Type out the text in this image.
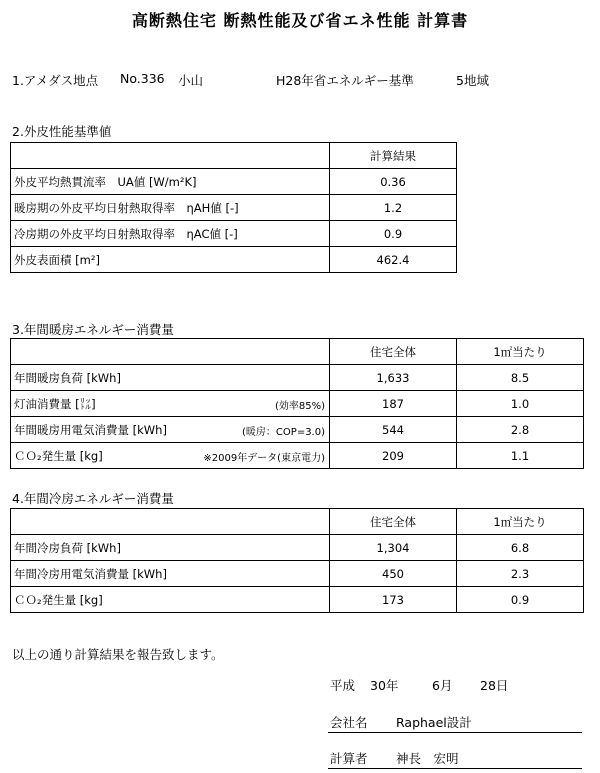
高断熱住宅 断熱性能及び省エネ性能 計算書
1.アメダス地点 No.336 小山	H28年省エネルギー基準	5地域
2.外皮性能基準値
	計算結果
外皮平均熱貫流率　UA値 [W/m²K]	0.36
暖房期の外皮平均日射熱取得率　ηAH値 [-]	1.2
冷房期の外皮平均日射熱取得率　ηAC値 [-]	0.9
外皮表面積 [m²]	462.4
3.年間暖房エネルギー消費量
	住宅全体	1㎡当たり
年間暖房負荷 [kWh]	1,633	8.5
灯油消費量 [㍑] (効率85%)	187	1.0
年間暖房用電気消費量 [kWh] (暖房：COP=3.0)	544	2.8
ＣＯ₂発生量 [kg] ※2009年データ(東京電力)	209	1.1
4.年間冷房エネルギー消費量
	住宅全体	1㎡当たり
年間冷房負荷 [kWh]	1,304	6.8
年間冷房用電気消費量 [kWh]	450	2.3
ＣＯ₂発生量 [kg]	173	0.9
以上の通り計算結果を報告致します。
平成 30年	6月 28日
会社名 Raphael設計
計算者 神長　宏明
